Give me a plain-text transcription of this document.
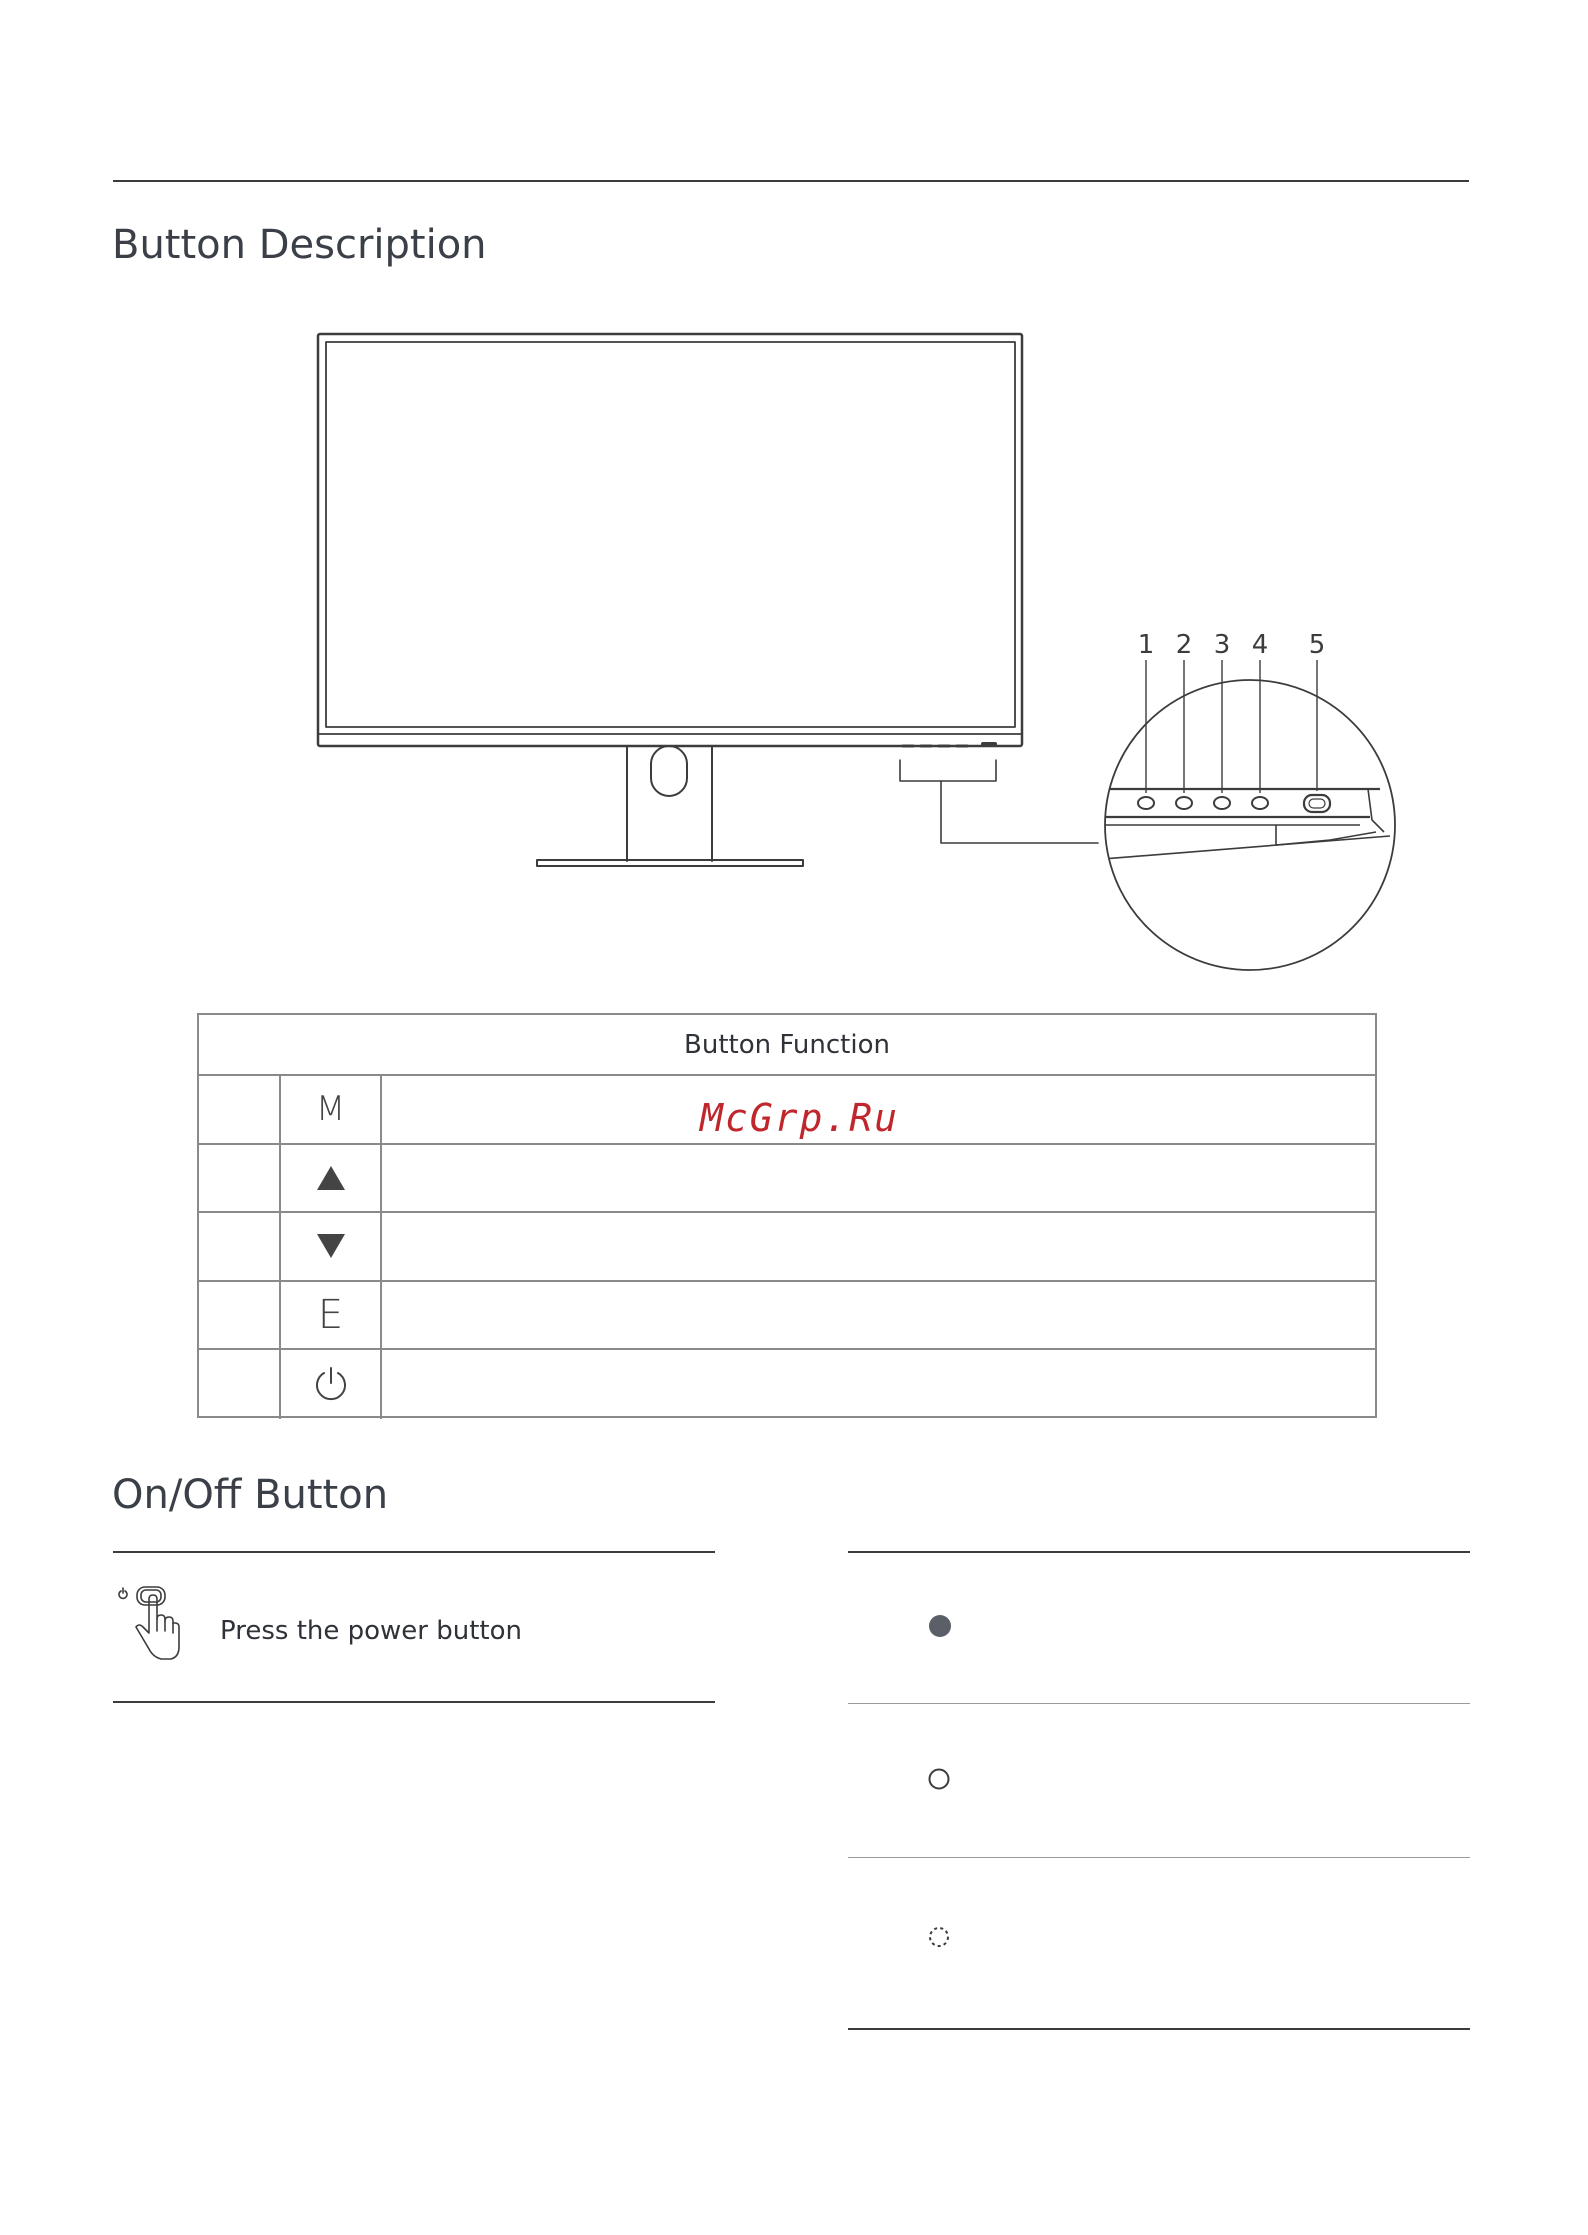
Button Description
1 2 3 4 5
Button Function
M
E
McGrp.Ru
On/Off Button
Press the power button
